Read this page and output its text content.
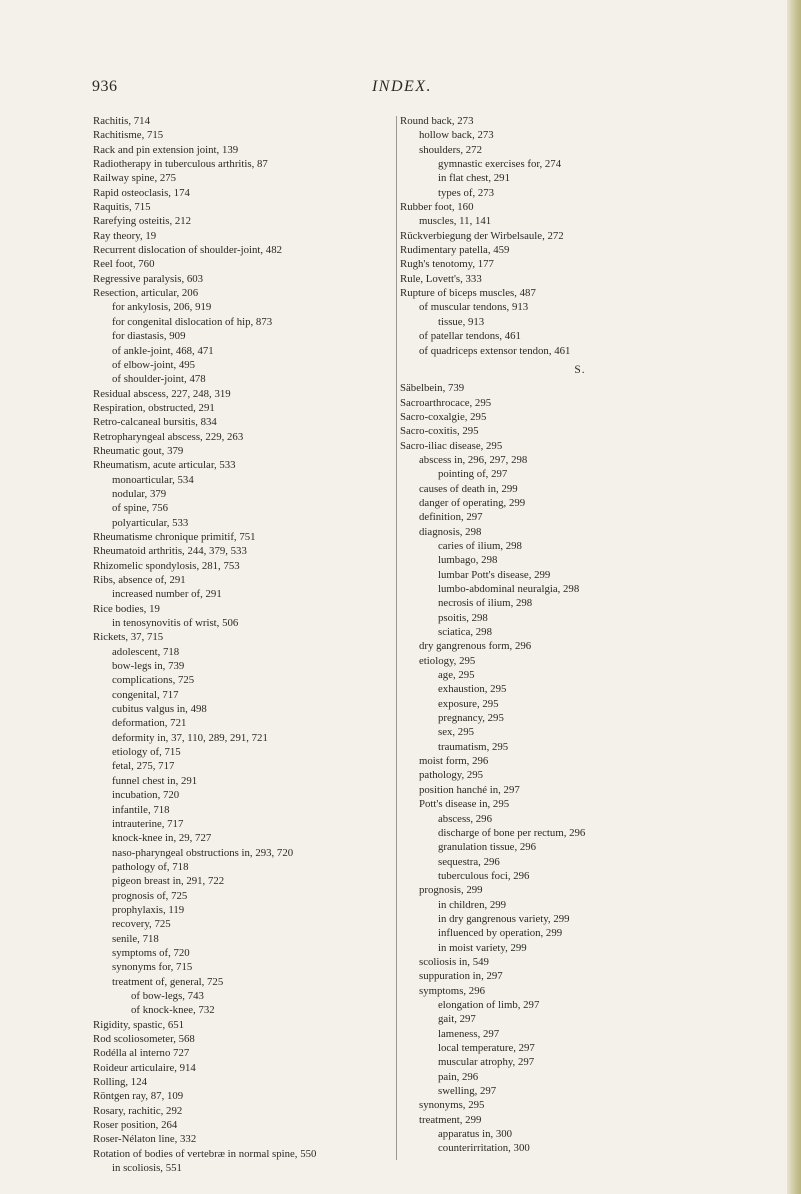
936	INDEX.
Rachitis, 714
Rachitisme, 715
Rack and pin extension joint, 139
Radiotherapy in tuberculous arthritis, 87
Railway spine, 275
Rapid osteoclasis, 174
Raquitis, 715
Rarefying osteitis, 212
Ray theory, 19
Recurrent dislocation of shoulder-joint, 482
Reel foot, 760
Regressive paralysis, 603
Resection, articular, 206
for ankylosis, 206, 919
for congenital dislocation of hip, 873
for diastasis, 909
of ankle-joint, 468, 471
of elbow-joint, 495
of shoulder-joint, 478
Residual abscess, 227, 248, 319
Respiration, obstructed, 291
Retro-calcaneal bursitis, 834
Retropharyngeal abscess, 229, 263
Rheumatic gout, 379
Rheumatism, acute articular, 533
monoarticular, 534
nodular, 379
of spine, 756
polyarticular, 533
Rheumatisme chronique primitif, 751
Rheumatoid arthritis, 244, 379, 533
Rhizomelic spondylosis, 281, 753
Ribs, absence of, 291
increased number of, 291
Rice bodies, 19
in tenosynovitis of wrist, 506
Rickets, 37, 715
adolescent, 718
bow-legs in, 739
complications, 725
congenital, 717
cubitus valgus in, 498
deformation, 721
deformity in, 37, 110, 289, 291, 721
etiology of, 715
fetal, 275, 717
funnel chest in, 291
incubation, 720
infantile, 718
intrauterine, 717
knock-knee in, 29, 727
naso-pharyngeal obstructions in, 293, 720
pathology of, 718
pigeon breast in, 291, 722
prognosis of, 725
prophylaxis, 119
recovery, 725
senile, 718
symptoms of, 720
synonyms for, 715
treatment of, general, 725
of bow-legs, 743
of knock-knee, 732
Rigidity, spastic, 651
Rod scoliosometer, 568
Rodélla al interno 727
Roideur articulaire, 914
Rolling, 124
Röntgen ray, 87, 109
Rosary, rachitic, 292
Roser position, 264
Roser-Nélaton line, 332
Rotation of bodies of vertebræ in normal spine, 550
in scoliosis, 551
Round back, 273
hollow back, 273
shoulders, 272
gymnastic exercises for, 274
in flat chest, 291
types of, 273
Rubber foot, 160
muscles, 11, 141
Rückverbiegung der Wirbelsaule, 272
Rudimentary patella, 459
Rugh's tenotomy, 177
Rule, Lovett's, 333
Rupture of biceps muscles, 487
of muscular tendons, 913
tissue, 913
of patellar tendons, 461
of quadriceps extensor tendon, 461
S.
Säbelbein, 739
Sacroarthrocace, 295
Sacro-coxalgie, 295
Sacro-coxitis, 295
Sacro-iliac disease, 295
abscess in, 296, 297, 298
pointing of, 297
causes of death in, 299
danger of operating, 299
definition, 297
diagnosis, 298
caries of ilium, 298
lumbago, 298
lumbar Pott's disease, 299
lumbo-abdominal neuralgia, 298
necrosis of ilium, 298
psoitis, 298
sciatica, 298
dry gangrenous form, 296
etiology, 295
age, 295
exhaustion, 295
exposure, 295
pregnancy, 295
sex, 295
traumatism, 295
moist form, 296
pathology, 295
position hanché in, 297
Pott's disease in, 295
abscess, 296
discharge of bone per rectum, 296
granulation tissue, 296
sequestra, 296
tuberculous foci, 296
prognosis, 299
in children, 299
in dry gangrenous variety, 299
influenced by operation, 299
in moist variety, 299
scoliosis in, 549
suppuration in, 297
symptoms, 296
elongation of limb, 297
gait, 297
lameness, 297
local temperature, 297
muscular atrophy, 297
pain, 296
swelling, 297
synonyms, 295
treatment, 299
apparatus in, 300
counterirritation, 300
